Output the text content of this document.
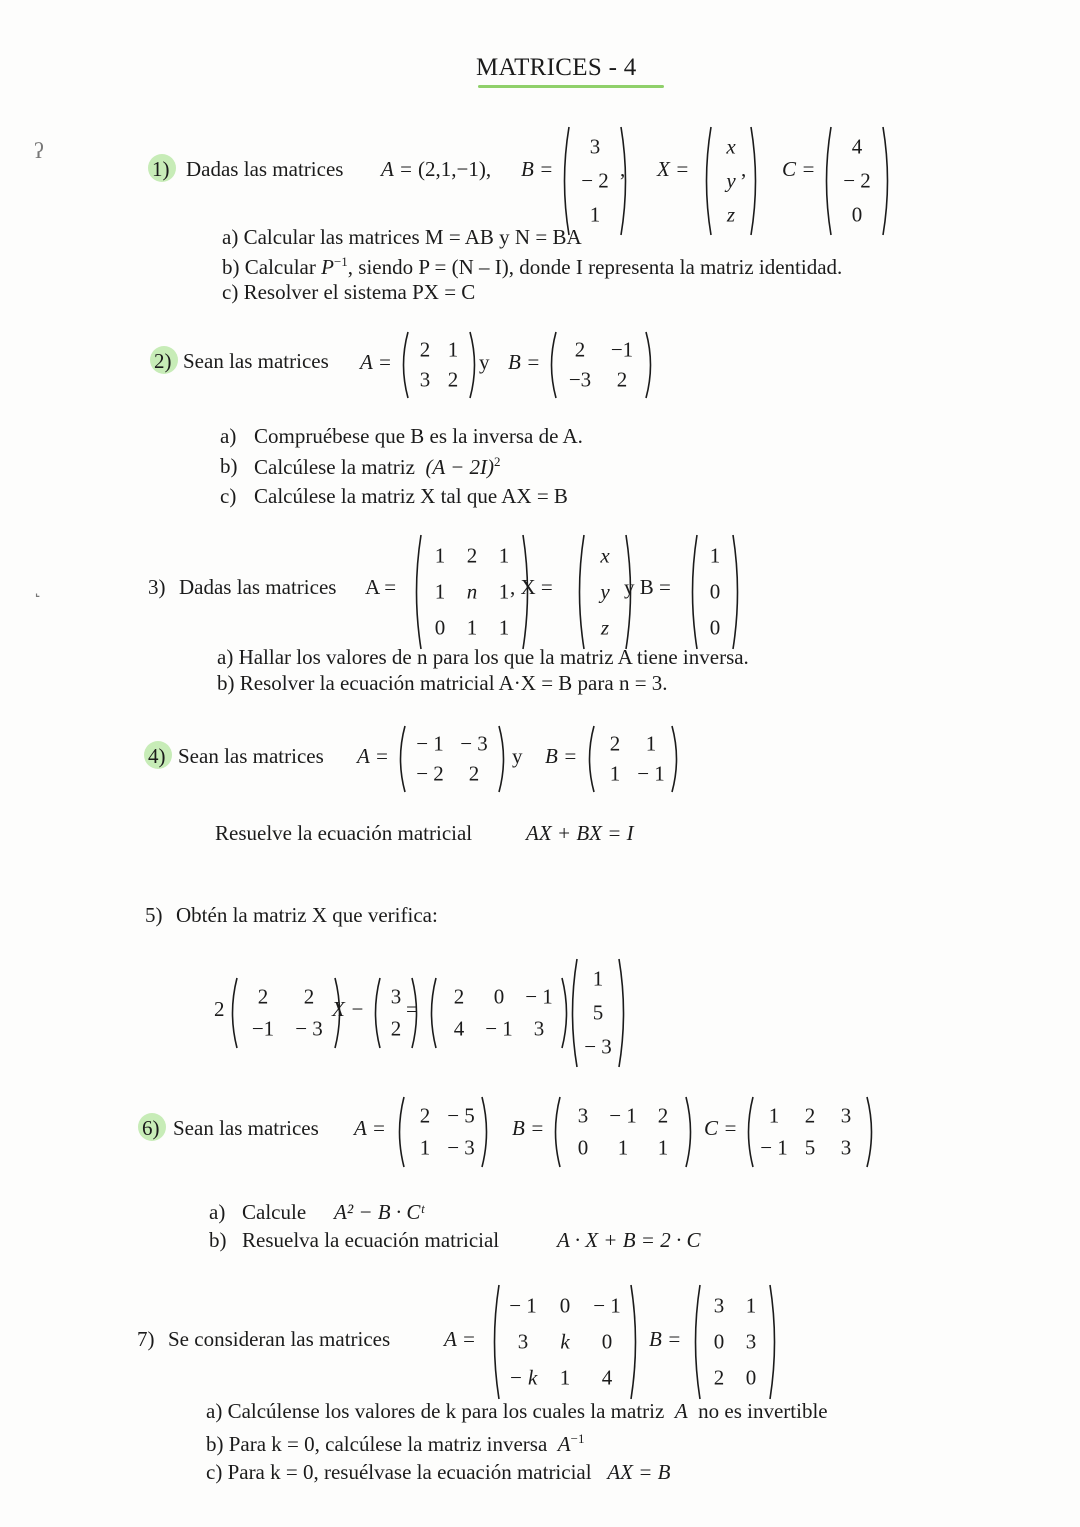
ʔ
˻
MATRICES - 4
1) Dadas las matrices A = (2,1,−1), B =
3
− 2
1
, X =
x
y
z
, C =
4
− 2
0
a) Calcular las matrices M = AB y N = BA
b) Calcular $P^{-1}$, siendo P = (N – I), donde I representa la matriz identidad.
c) Resolver el sistema PX = C
2) Sean las matrices A =
2 1
3 2
y B =
2 −1
−3 2
a) Compruébese que B es la inversa de A.
b) Calcúlese la matriz $(A - 2I)^2$
c) Calcúlese la matriz X tal que AX = B
3) Dadas las matrices A =
1 2 1
1 n 1
0 1 1
, X =
x
y
z
y B =
1
0
0
a) Hallar los valores de n para los que la matriz A tiene inversa.
b) Resolver la ecuación matricial A·X = B para n = 3.
4) Sean las matrices A =
− 1 − 3
− 2 2
y B =
2 1
1 − 1
Resuelve la ecuación matricial	AX + BX = I
5) Obtén la matriz X que verifica:
2
2 2
−1 − 3
X −
3
2
=
2 0 − 1
4 − 1 3
1
5
− 3
6) Sean las matrices A =
2 − 5
1 − 3
B =
3 − 1 2
0 1 1
C =
1 2 3
− 1 5 3
a) Calcule A² − B · Cᵗ
b) Resuelva la ecuación matricial	A · X + B = 2 · C
7) Se consideran las matrices	A =
− 1 0 − 1
3 k 0
− k 1 4
B =
3 1
0 3
2 0
a) Calcúlense los valores de k para los cuales la matriz A no es invertible
b) Para k = 0, calcúlese la matriz inversa $A^{-1}$
c) Para k = 0, resuélvase la ecuación matricial AX = B
